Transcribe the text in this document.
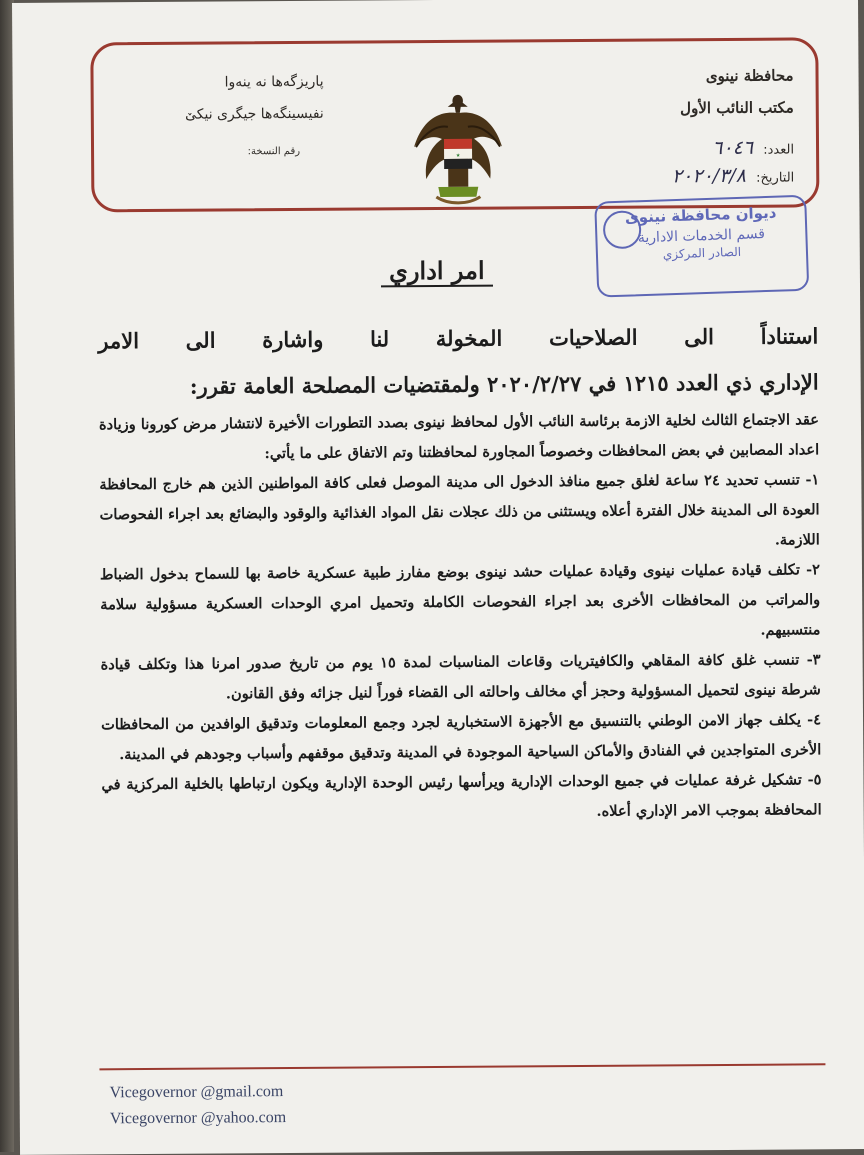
محافظة نينوى
مكتب النائب الأول
العدد: ٦٠٤٦
التاريخ: ٢٠٢٠/٣/٨
★
پاریزگەها نە ینەوا
نفیسینگەها جیگری نیکێ
رقم النسخة:
ديوان محافظة نينوى
قسم الخدمات الادارية
الصادر المركزي
امر اداري
استناداً الى الصلاحيات المخولة لنا واشارة الى الامر
الإداري ذي العدد ١٢١٥ في ٢٠٢٠/٢/٢٧ ولمقتضيات المصلحة العامة تقرر:
عقد الاجتماع الثالث لخلية الازمة برئاسة النائب الأول لمحافظ نينوى بصدد التطورات الأخيرة لانتشار مرض كورونا وزيادة اعداد المصابين في بعض المحافظات وخصوصاً المجاورة لمحافظتنا وتم الاتفاق على ما يأتي:
١- تنسب تحديد ٢٤ ساعة لغلق جميع منافذ الدخول الى مدينة الموصل فعلى كافة المواطنين الذين هم خارج المحافظة العودة الى المدينة خلال الفترة أعلاه ويستثنى من ذلك عجلات نقل المواد الغذائية والوقود والبضائع بعد اجراء الفحوصات اللازمة.
٢- تكلف قيادة عمليات نينوى وقيادة عمليات حشد نينوى بوضع مفارز طبية عسكرية خاصة بها للسماح بدخول الضباط والمراتب من المحافظات الأخرى بعد اجراء الفحوصات الكاملة وتحميل امري الوحدات العسكرية مسؤولية سلامة منتسبيهم.
٣- تنسب غلق كافة المقاهي والكافيتريات وقاعات المناسبات لمدة ١٥ يوم من تاريخ صدور امرنا هذا وتكلف قيادة شرطة نينوى لتحميل المسؤولية وحجز أي مخالف واحالته الى القضاء فوراً لنيل جزائه وفق القانون.
٤- يكلف جهاز الامن الوطني بالتنسيق مع الأجهزة الاستخبارية لجرد وجمع المعلومات وتدقيق الوافدين من المحافظات الأخرى المتواجدين في الفنادق والأماكن السياحية الموجودة في المدينة وتدقيق موقفهم وأسباب وجودهم في المدينة.
٥- تشكيل غرفة عمليات في جميع الوحدات الإدارية ويرأسها رئيس الوحدة الإدارية ويكون ارتباطها بالخلية المركزية في المحافظة بموجب الامر الإداري أعلاه.
Vicegovernor @gmail.com
Vicegovernor @yahoo.com
